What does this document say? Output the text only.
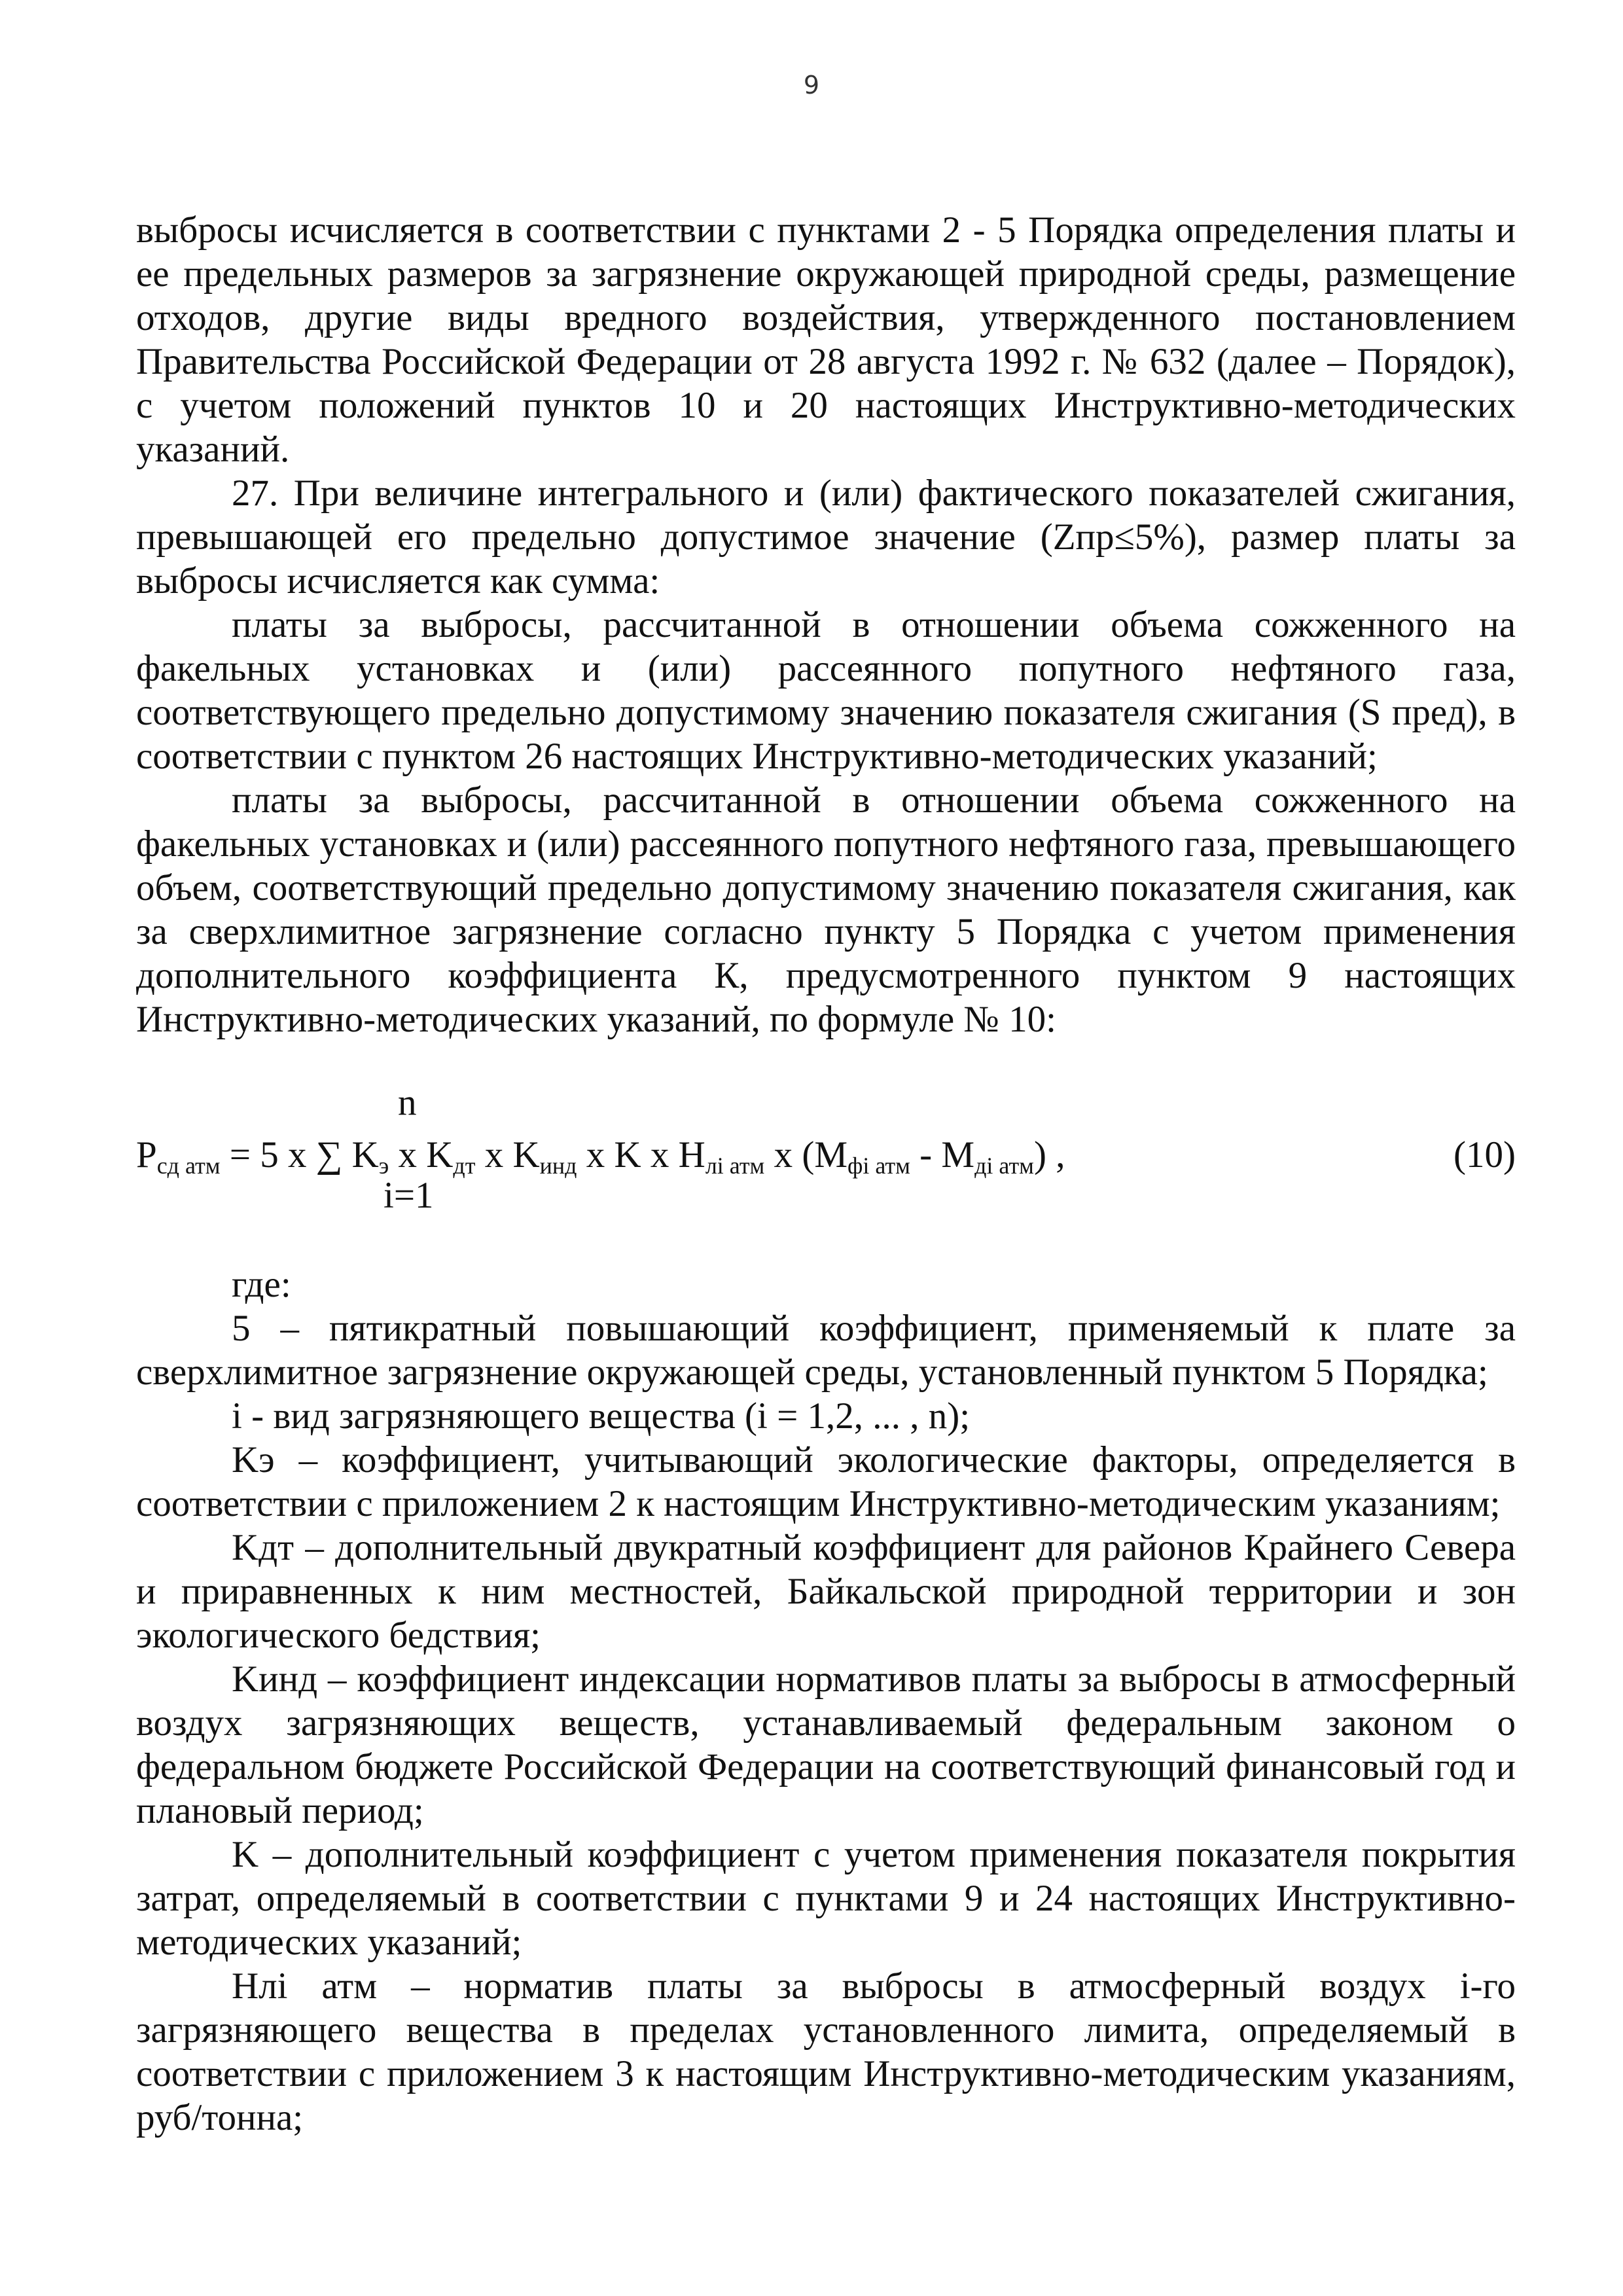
9

выбросы исчисляется в соответствии с пунктами 2 - 5 Порядка определения платы и ее предельных размеров за загрязнение окружающей природной среды, размещение отходов, другие виды вредного воздействия, утвержденного постановлением Правительства Российской Федерации от 28 августа 1992 г. № 632 (далее – Порядок), с учетом положений пунктов 10 и 20 настоящих Инструктивно-методических указаний.

27. При величине интегрального и (или) фактического показателей сжигания, превышающей его предельно допустимое значение (Zпр≤5%), размер платы за выбросы исчисляется как сумма:

платы за выбросы, рассчитанной в отношении объема сожженного на факельных установках и (или) рассеянного попутного нефтяного газа, соответствующего предельно допустимому значению показателя сжигания (S пред), в соответствии с пунктом 26 настоящих Инструктивно-методических указаний;

платы за выбросы, рассчитанной в отношении объема сожженного на факельных установках и (или) рассеянного попутного нефтяного газа, превышающего объем, соответствующий предельно допустимому значению показателя сжигания, как за сверхлимитное загрязнение согласно пункту 5 Порядка с учетом применения дополнительного коэффициента К, предусмотренного пунктом 9 настоящих Инструктивно-методических указаний, по формуле № 10:

n
$P_{сд атм} = 5$ x ∑ $K_э$ x $K_{дт}$ x $K_{инд}$ x K x $H_{лi атм}$ x $(M_{фi атм} - M_{дi атм})$ ,
i=1
(10)

где:

5 – пятикратный повышающий коэффициент, применяемый к плате за сверхлимитное загрязнение окружающей среды, установленный пунктом 5 Порядка;

i - вид загрязняющего вещества (i = 1,2, ... , n);

Kэ – коэффициент, учитывающий экологические факторы, определяется в соответствии с приложением 2 к настоящим Инструктивно-методическим указаниям;

Kдт – дополнительный двукратный коэффициент для районов Крайнего Севера и приравненных к ним местностей, Байкальской природной территории и зон экологического бедствия;

Kинд – коэффициент индексации нормативов платы за выбросы в атмосферный воздух загрязняющих веществ, устанавливаемый федеральным законом о федеральном бюджете Российской Федерации на соответствующий финансовый год и плановый период;

K – дополнительный коэффициент с учетом применения показателя покрытия затрат, определяемый в соответствии с пунктами 9 и 24 настоящих Инструктивно-методических указаний;

Hлi атм – норматив платы за выбросы в атмосферный воздух i-го загрязняющего вещества в пределах установленного лимита, определяемый в соответствии с приложением 3 к настоящим Инструктивно-методическим указаниям, руб/тонна;
